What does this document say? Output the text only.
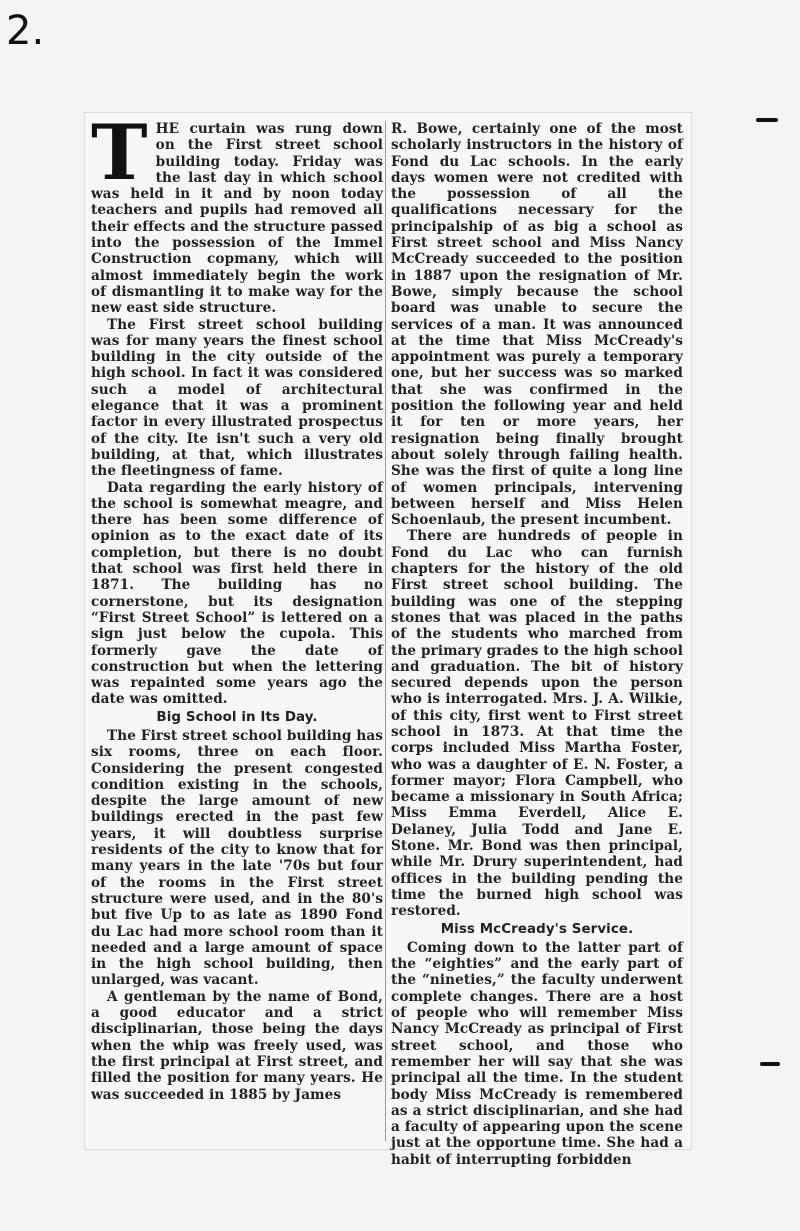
2.

THE curtain was rung down on the First street school building today. Friday was the last day in which school was held in it and by noon today teachers and pupils had removed all their effects and the structure passed into the possession of the Immel Construction copmany, which will almost immediately begin the work of dismantling it to make way for the new east side structure.

The First street school building was for many years the finest school building in the city outside of the high school. In fact it was considered such a model of architectural elegance that it was a prominent factor in every illustrated prospectus of the city. Ite isn't such a very old building, at that, which illustrates the fleetingness of fame.

Data regarding the early history of the school is somewhat meagre, and there has been some difference of opinion as to the exact date of its completion, but there is no doubt that school was first held there in 1871. The building has no cornerstone, but its designation “First Street School” is lettered on a sign just below the cupola. This formerly gave the date of construction but when the lettering was repainted some years ago the date was omitted.

Big School in Its Day.

The First street school building has six rooms, three on each floor. Considering the present congested condition existing in the schools, despite the large amount of new buildings erected in the past few years, it will doubtless surprise residents of the city to know that for many years in the late '70s but four of the rooms in the First street structure were used, and in the 80's but five Up to as late as 1890 Fond du Lac had more school room than it needed and a large amount of space in the high school building, then unlarged, was vacant.

A gentleman by the name of Bond, a good educator and a strict disciplinarian, those being the days when the whip was freely used, was the first principal at First street, and filled the position for many years. He was succeeded in 1885 by James

R. Bowe, certainly one of the most scholarly instructors in the history of Fond du Lac schools. In the early days women were not credited with the possession of all the qualifications necessary for the principalship of as big a school as First street school and Miss Nancy McCready succeeded to the position in 1887 upon the resignation of Mr. Bowe, simply because the school board was unable to secure the services of a man. It was announced at the time that Miss McCready's appointment was purely a temporary one, but her success was so marked that she was confirmed in the position the following year and held it for ten or more years, her resignation being finally brought about solely through failing health. She was the first of quite a long line of women principals, intervening between herself and Miss Helen Schoenlaub, the present incumbent.

There are hundreds of people in Fond du Lac who can furnish chapters for the history of the old First street school building. The building was one of the stepping stones that was placed in the paths of the students who marched from the primary grades to the high school and graduation. The bit of history secured depends upon the person who is interrogated. Mrs. J. A. Wilkie, of this city, first went to First street school in 1873. At that time the corps included Miss Martha Foster, who was a daughter of E. N. Foster, a former mayor; Flora Campbell, who became a missionary in South Africa; Miss Emma Everdell, Alice E. Delaney, Julia Todd and Jane E. Stone. Mr. Bond was then principal, while Mr. Drury superintendent, had offices in the building pending the time the burned high school was restored.

Miss McCready's Service.

Coming down to the latter part of the “eighties” and the early part of the “nineties,” the faculty underwent complete changes. There are a host of people who will remember Miss Nancy McCready as principal of First street school, and those who remember her will say that she was principal all the time. In the student body Miss McCready is remembered as a strict disciplinarian, and she had a faculty of appearing upon the scene just at the opportune time. She had a habit of interrupting forbidden
